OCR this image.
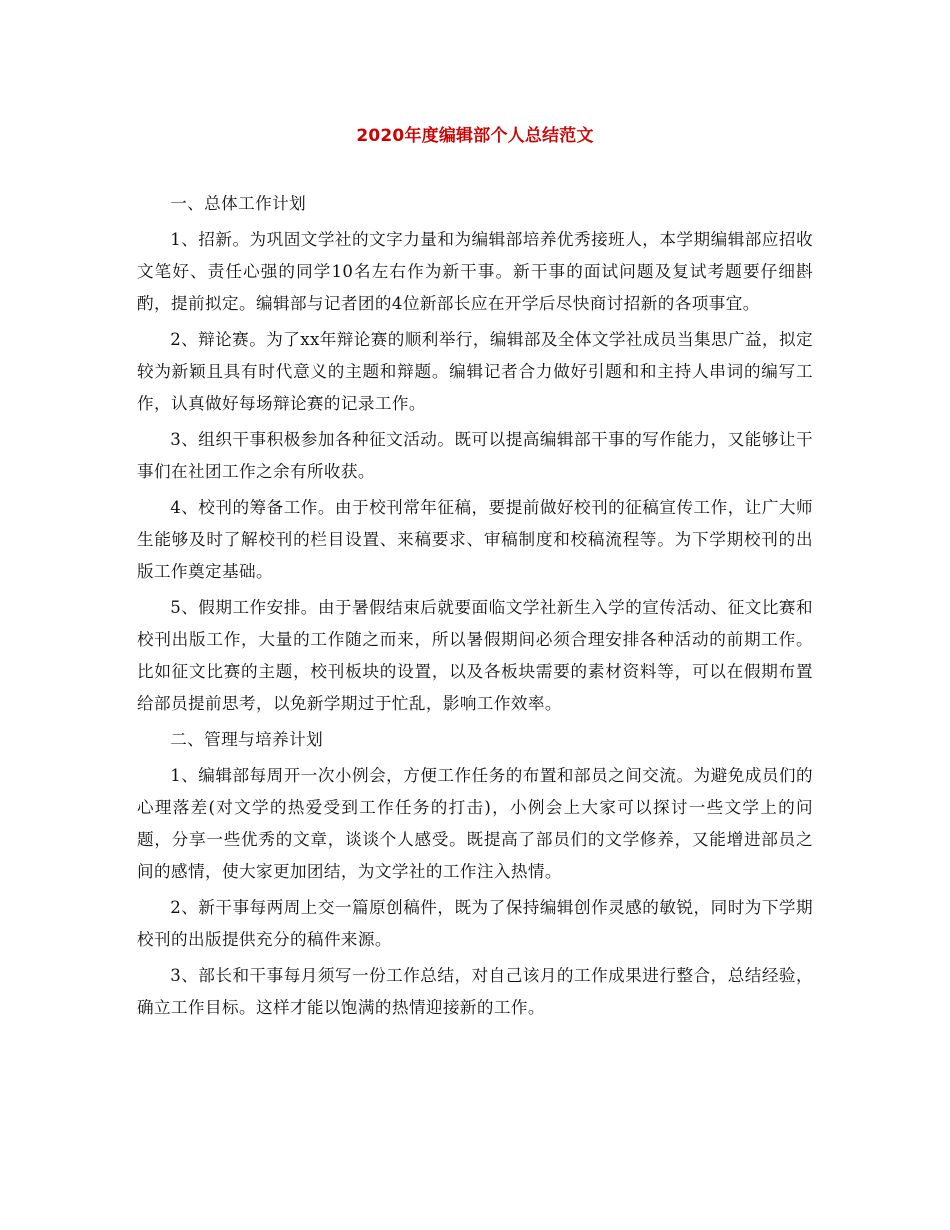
2020年度编辑部个人总结范文

一、总体工作计划

1、招新。为巩固文学社的文字力量和为编辑部培养优秀接班人，本学期编辑部应招收文笔好、责任心强的同学10名左右作为新干事。新干事的面试问题及复试考题要仔细斟酌，提前拟定。编辑部与记者团的4位新部长应在开学后尽快商讨招新的各项事宜。

2、辩论赛。为了xx年辩论赛的顺利举行，编辑部及全体文学社成员当集思广益，拟定较为新颖且具有时代意义的主题和辩题。编辑记者合力做好引题和和主持人串词的编写工作，认真做好每场辩论赛的记录工作。

3、组织干事积极参加各种征文活动。既可以提高编辑部干事的写作能力，又能够让干事们在社团工作之余有所收获。

4、校刊的筹备工作。由于校刊常年征稿，要提前做好校刊的征稿宣传工作，让广大师生能够及时了解校刊的栏目设置、来稿要求、审稿制度和校稿流程等。为下学期校刊的出版工作奠定基础。

5、假期工作安排。由于暑假结束后就要面临文学社新生入学的宣传活动、征文比赛和校刊出版工作，大量的工作随之而来，所以暑假期间必须合理安排各种活动的前期工作。比如征文比赛的主题，校刊板块的设置，以及各板块需要的素材资料等，可以在假期布置给部员提前思考，以免新学期过于忙乱，影响工作效率。

二、管理与培养计划

1、编辑部每周开一次小例会，方便工作任务的布置和部员之间交流。为避免成员们的心理落差(对文学的热爱受到工作任务的打击)，小例会上大家可以探讨一些文学上的问题，分享一些优秀的文章，谈谈个人感受。既提高了部员们的文学修养，又能增进部员之间的感情，使大家更加团结，为文学社的工作注入热情。

2、新干事每两周上交一篇原创稿件，既为了保持编辑创作灵感的敏锐，同时为下学期校刊的出版提供充分的稿件来源。

3、部长和干事每月须写一份工作总结，对自己该月的工作成果进行整合，总结经验，确立工作目标。这样才能以饱满的热情迎接新的工作。
